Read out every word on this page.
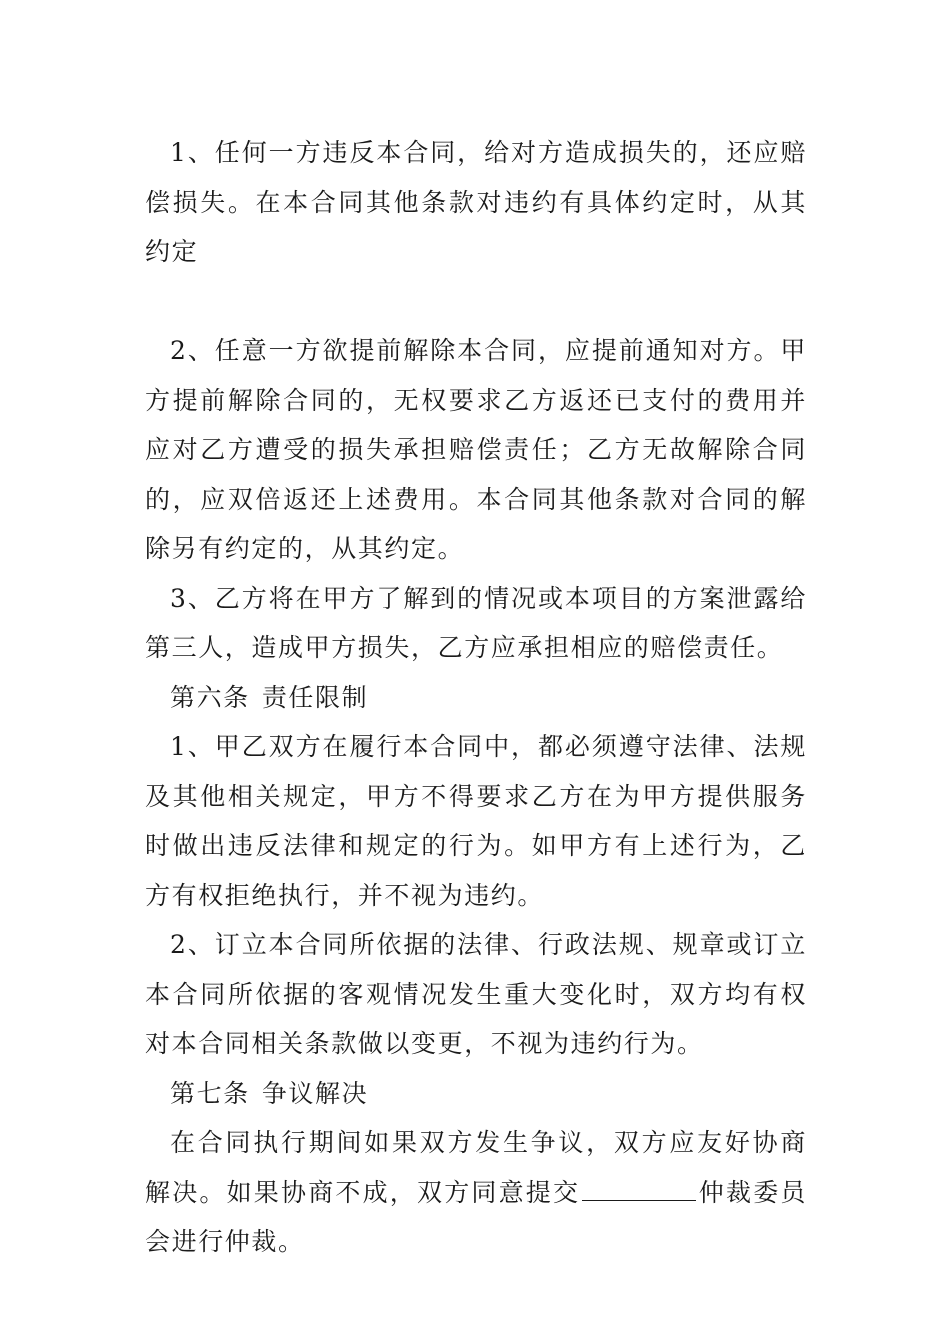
1、任何一方违反本合同，给对方造成损失的，还应赔偿损失。在本合同其他条款对违约有具体约定时，从其约定

2、任意一方欲提前解除本合同，应提前通知对方。甲方提前解除合同的，无权要求乙方返还已支付的费用并应对乙方遭受的损失承担赔偿责任；乙方无故解除合同的，应双倍返还上述费用。本合同其他条款对合同的解除另有约定的，从其约定。

3、乙方将在甲方了解到的情况或本项目的方案泄露给第三人，造成甲方损失，乙方应承担相应的赔偿责任。

第六条 责任限制

1、甲乙双方在履行本合同中，都必须遵守法律、法规及其他相关规定，甲方不得要求乙方在为甲方提供服务时做出违反法律和规定的行为。如甲方有上述行为，乙方有权拒绝执行，并不视为违约。

2、订立本合同所依据的法律、行政法规、规章或订立本合同所依据的客观情况发生重大变化时，双方均有权对本合同相关条款做以变更，不视为违约行为。

第七条 争议解决

在合同执行期间如果双方发生争议，双方应友好协商解决。如果协商不成，双方同意提交	仲裁委员会进行仲裁。
